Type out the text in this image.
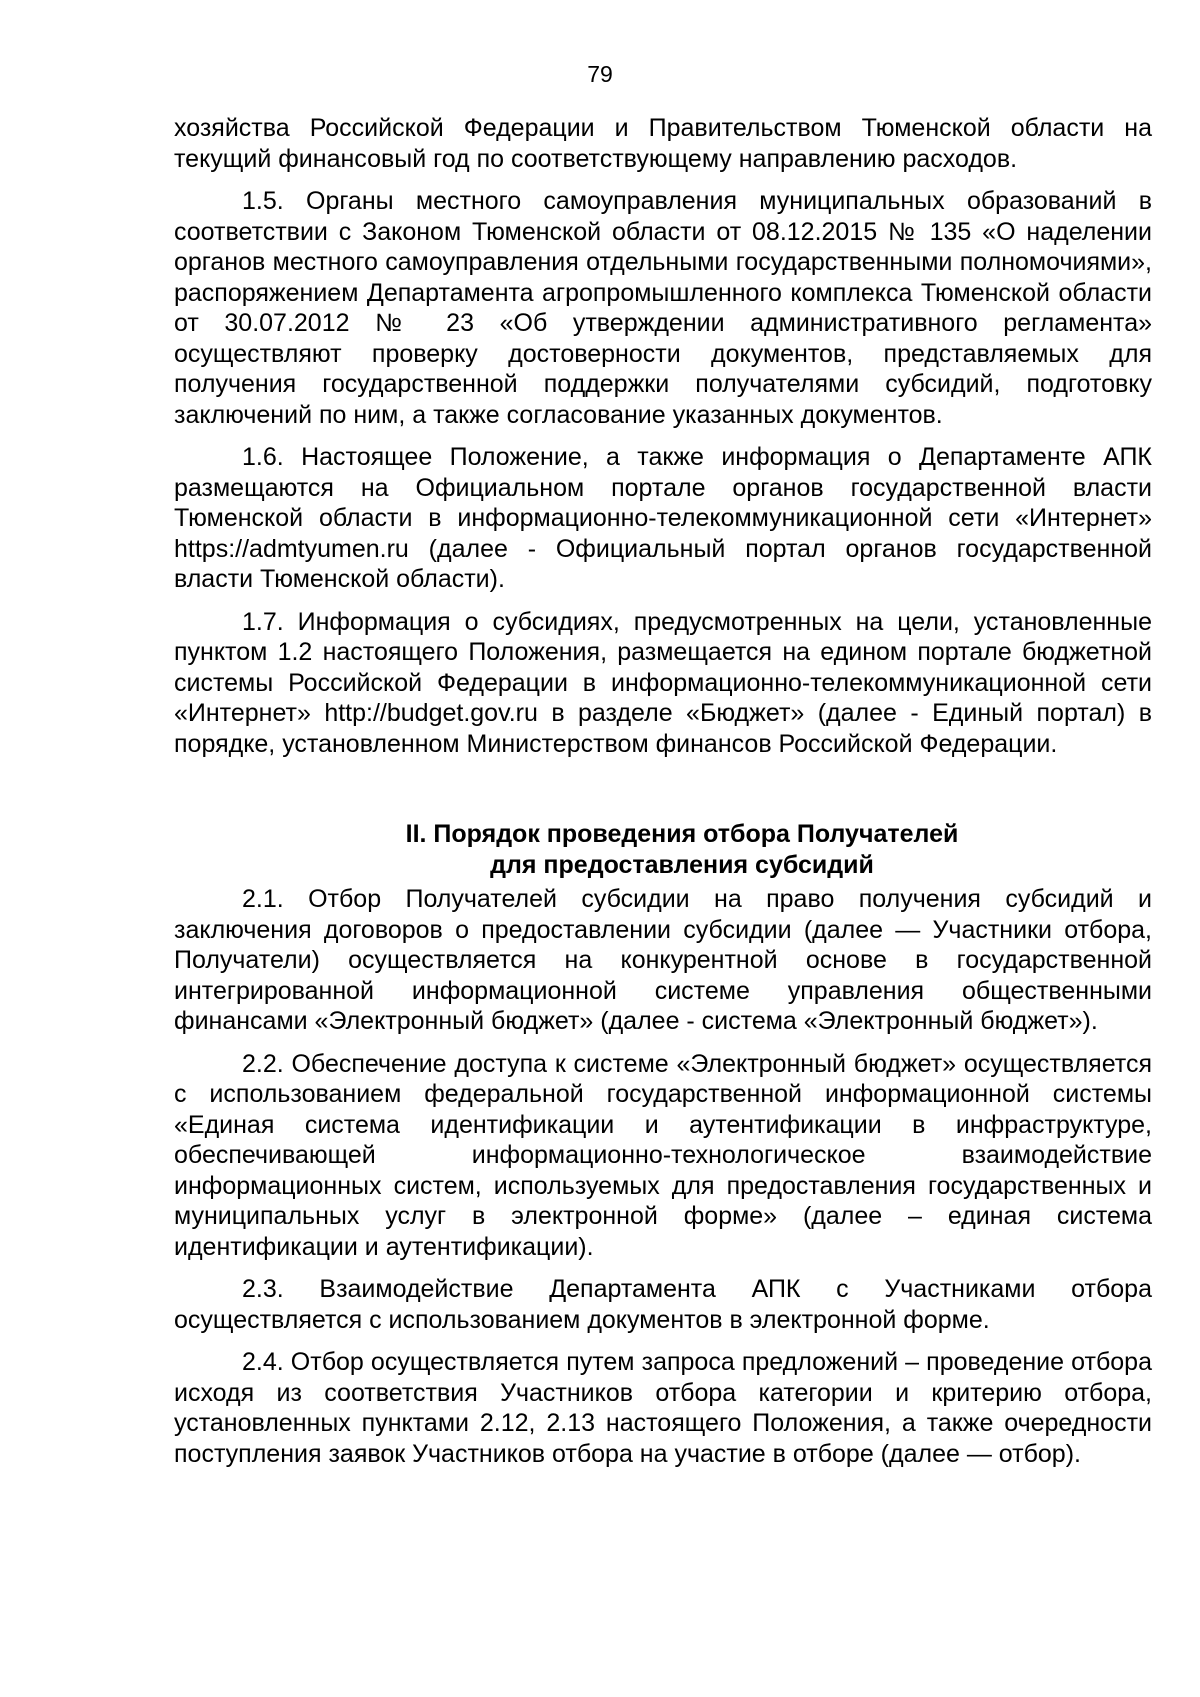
79

хозяйства Российской Федерации и Правительством Тюменской области на текущий финансовый год по соответствующему направлению расходов.

1.5. Органы местного самоуправления муниципальных образований в соответствии с Законом Тюменской области от 08.12.2015 № 135 «О наделении органов местного самоуправления отдельными государственными полномочиями», распоряжением Департамента агропромышленного комплекса Тюменской области от 30.07.2012 № 23 «Об утверждении административного регламента» осуществляют проверку достоверности документов, представляемых для получения государственной поддержки получателями субсидий, подготовку заключений по ним, а также согласование указанных документов.

1.6. Настоящее Положение, а также информация о Департаменте АПК размещаются на Официальном портале органов государственной власти Тюменской области в информационно-телекоммуникационной сети «Интернет» https://admtyumen.ru (далее - Официальный портал органов государственной власти Тюменской области).

1.7. Информация о субсидиях, предусмотренных на цели, установленные пунктом 1.2 настоящего Положения, размещается на едином портале бюджетной системы Российской Федерации в информационно-телекоммуникационной сети «Интернет» http://budget.gov.ru в разделе «Бюджет» (далее - Единый портал) в порядке, установленном Министерством финансов Российской Федерации.

II. Порядок проведения отбора Получателей
для предоставления субсидий

2.1. Отбор Получателей субсидии на право получения субсидий и заключения договоров о предоставлении субсидии (далее — Участники отбора, Получатели) осуществляется на конкурентной основе в государственной интегрированной информационной системе управления общественными финансами «Электронный бюджет» (далее - система «Электронный бюджет»).

2.2. Обеспечение доступа к системе «Электронный бюджет» осуществляется с использованием федеральной государственной информационной системы «Единая система идентификации и аутентификации в инфраструктуре, обеспечивающей информационно-технологическое взаимодействие информационных систем, используемых для предоставления государственных и муниципальных услуг в электронной форме» (далее – единая система идентификации и аутентификации).

2.3. Взаимодействие Департамента АПК с Участниками отбора осуществляется с использованием документов в электронной форме.

2.4. Отбор осуществляется путем запроса предложений – проведение отбора исходя из соответствия Участников отбора категории и критерию отбора, установленных пунктами 2.12, 2.13 настоящего Положения, а также очередности поступления заявок Участников отбора на участие в отборе (далее — отбор).
